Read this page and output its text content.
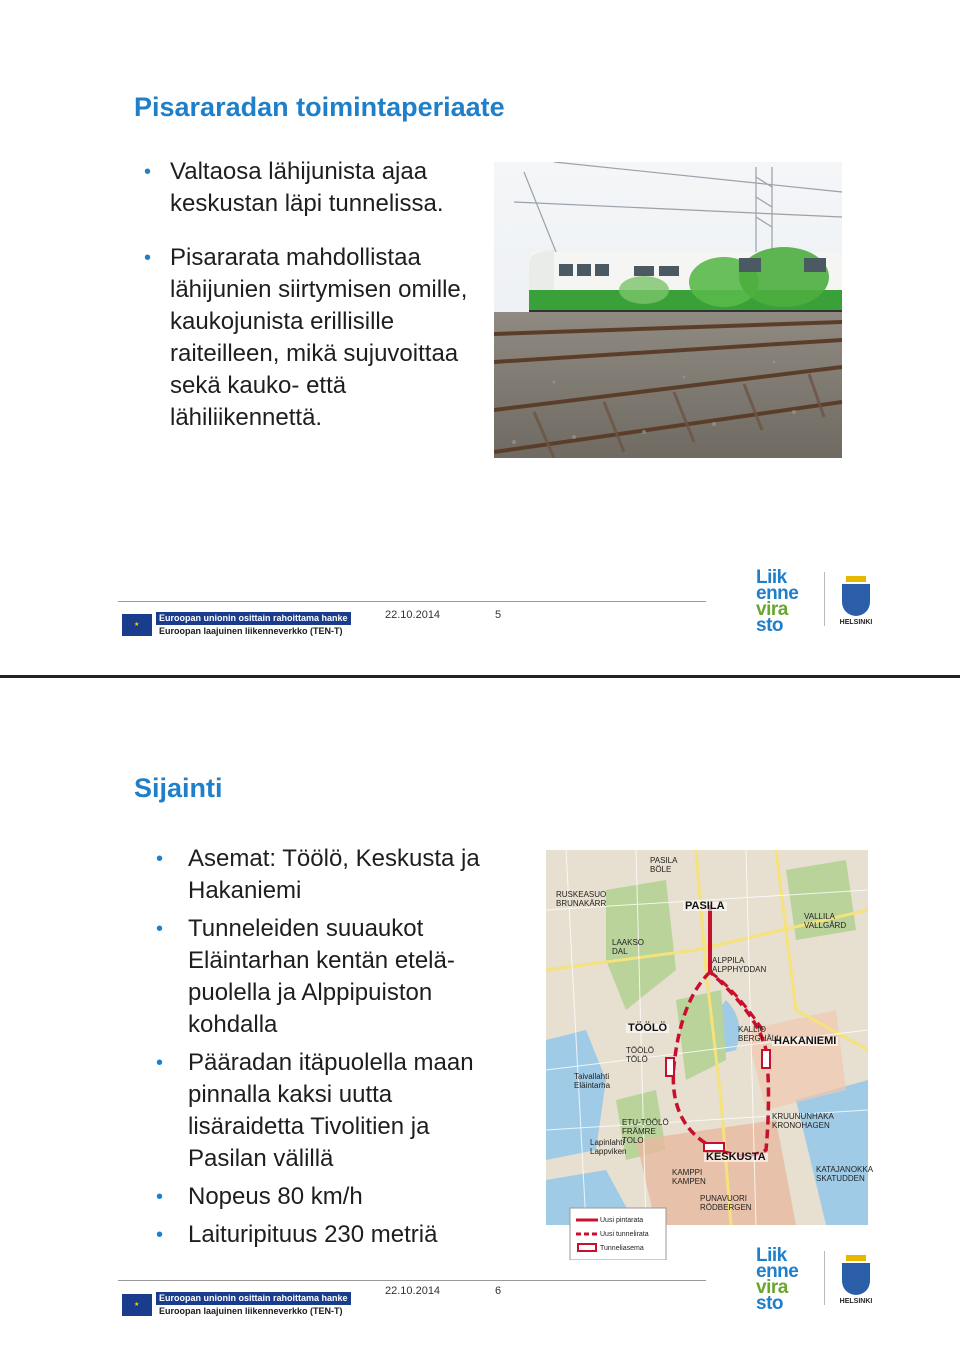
Pisararadan toimintaperiaate
• Valtaosa lähijunista ajaa keskustan läpi tunnelissa.
• Pisararata mahdollistaa lähijunien siirtymisen omille, kaukojunista erillisille raiteilleen, mikä sujuvoittaa sekä kauko- että lähiliikennettä.
★
Euroopan unionin osittain rahoittama hanke
Euroopan laajuinen liikenneverkko (TEN-T)
22.10.2014	5
Liik
enne
vira
sto	HELSINKI
Sijainti
• Asemat: Töölö, Keskusta ja Hakaniemi
• Tunneleiden suuaukot Eläintarhan kentän etelä-puolella ja Alppipuiston kohdalla
• Pääradan itäpuolella maan pinnalla kaksi uutta lisäraidetta Tivolitien ja Pasilan välillä
• Nopeus 80 km/h
• Laituripituus 230 metriä
PASILA
TÖÖLÖ
HAKANIEMI
KESKUSTA
PASILA BÖLE
RUSKEASUO BRUNAKÄRR
LAAKSO DAL
VALLILA VALLGÅRD
ALPPILA ALPPHYDDAN
KALLIO BERGHÄLL
KRUUNUNHAKA KRONOHAGEN
KAMPPI KAMPEN
PUNAVUORI RÖDBERGEN
KATAJANOKKA SKATUDDEN
ETU-TÖÖLÖ FRÄMRE TOLO
TÖÖLÖ TÖLÖ
Lapinlahti Lappviken
Taivallahti Eläintarha
Uusi pintarata
Uusi tunnelirata
Tunneliasema
★
Euroopan unionin osittain rahoittama hanke
Euroopan laajuinen liikenneverkko (TEN-T)
22.10.2014	6
Liik
enne
vira
sto	HELSINKI
